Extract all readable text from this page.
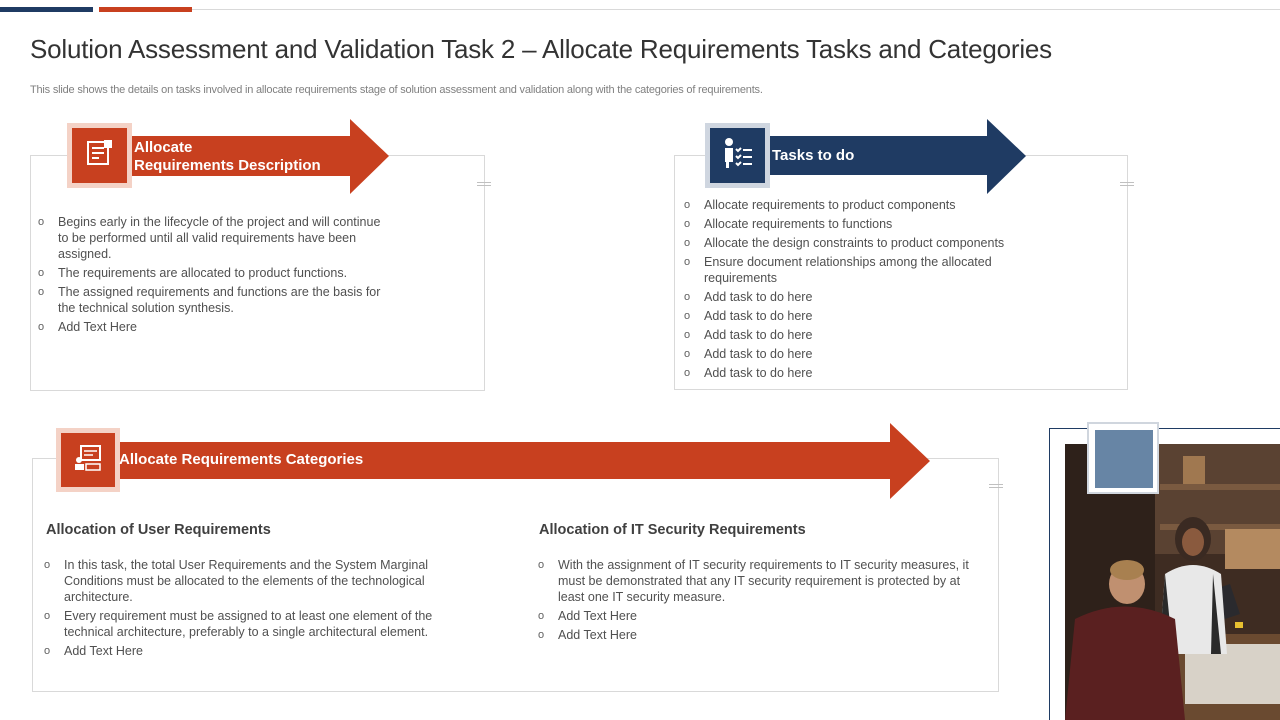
Solution Assessment and Validation Task 2 – Allocate Requirements Tasks and Categories
This slide shows the details on tasks involved in allocate requirements stage of solution assessment and validation along with the categories of requirements.
Allocate
Requirements Description
o Begins early in the lifecycle of the project and will continue to be performed until all valid requirements have been assigned.
o The requirements are allocated to product functions.
o The assigned requirements and functions are the basis for the technical solution synthesis.
o Add Text Here
Tasks to do
o Allocate requirements to product components
o Allocate requirements to functions
o Allocate the design constraints to product components
o Ensure document relationships among the allocated requirements
o Add task to do here
o Add task to do here
o Add task to do here
o Add task to do here
o Add task to do here
Allocate Requirements Categories
Allocation of User Requirements
o In this task, the total User Requirements and the System Marginal Conditions must be allocated to the elements of the technological architecture.
o Every requirement must be assigned to at least one element of the technical architecture, preferably to a single architectural element.
o Add Text Here
Allocation of IT Security Requirements
o With the assignment of IT security requirements to IT security measures, it must be demonstrated that any IT security requirement is protected by at least one IT security measure.
o Add Text Here
o Add Text Here
